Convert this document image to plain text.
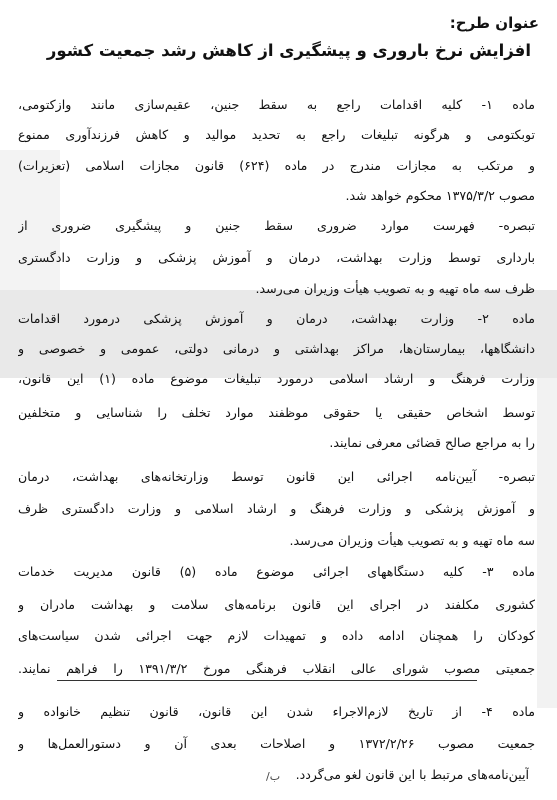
عنوان طرح:
افزایش نرخ باروری و پیشگیری از کاهش رشد جمعیت کشور
ماده ۱- کلیه اقدامات راجع به سقط جنین، عقیم‌سازی مانند وازکتومی،
توبکتومی و هرگونه تبلیغات راجع به تحدید موالید و کاهش فرزندآوری ممنوع
و مرتکب به مجازات مندرج در ماده (۶۲۴) قانون مجازات اسلامی (تعزیرات)
مصوب ۱۳۷۵/۳/۲ محکوم خواهد شد.
تبصره- فهرست موارد ضروری سقط جنین و پیشگیری ضروری از
بارداری توسط وزارت بهداشت، درمان و آموزش پزشکی و وزارت دادگستری
ظرف سه ماه تهیه و به تصویب هیأت وزیران می‌رسد.
ماده ۲- وزارت بهداشت، درمان و آموزش پزشکی درمورد اقدامات
دانشگاهها، بیمارستان‌ها، مراکز بهداشتی و درمانی دولتی، عمومی و خصوصی و
وزارت فرهنگ و ارشاد اسلامی درمورد تبلیغات موضوع ماده (۱) این قانون،
توسط اشخاص حقیقی یا حقوقی موظفند موارد تخلف را شناسایی و متخلفین
را به مراجع صالح قضائی معرفی نمایند.
تبصره- آیین‌نامه اجرائی این قانون توسط وزارتخانه‌های بهداشت، درمان
و آموزش پزشکی و وزارت فرهنگ و ارشاد اسلامی و وزارت دادگستری ظرف
سه ماه تهیه و به تصویب هیأت وزیران می‌رسد.
ماده ۳- کلیه دستگاههای اجرائی موضوع ماده (۵) قانون مدیریت خدمات
کشوری مکلفند در اجرای این قانون برنامه‌های سلامت و بهداشت مادران و
کودکان را همچنان ادامه داده و تمهیدات لازم جهت اجرائی شدن سیاست‌های
جمعیتی مصوب شورای عالی انقلاب فرهنگی مورخ ۱۳۹۱/۳/۲ را فراهم نمایند.
ماده ۴- از تاریخ لازم‌الاجراء شدن این قانون، قانون تنظیم خانواده و
جمعیت مصوب ۱۳۷۲/۲/۲۶ و اصلاحات بعدی آن و دستورالعمل‌ها و
آیین‌نامه‌های مرتبط با این قانون لغو می‌گردد.
/ب
